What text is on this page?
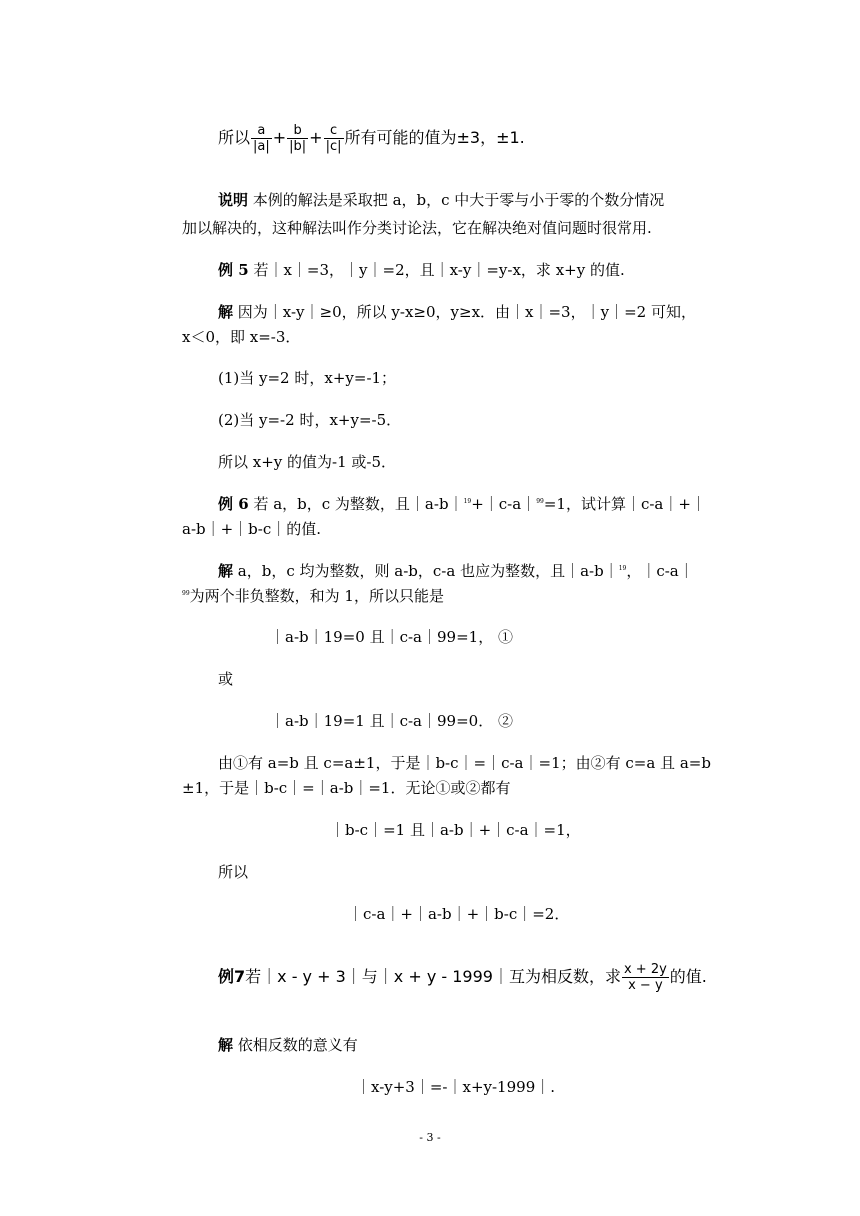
所以 $\frac{a}{|a|} + \frac{b}{|b|} + \frac{c}{|c|}$ 所有可能的值为±3，±1.
说明 本例的解法是采取把 a，b，c 中大于零与小于零的个数分情况
加以解决的，这种解法叫作分类讨论法，它在解决绝对值问题时很常用.
例 5 若｜x｜=3，｜y｜=2，且｜x-y｜=y-x，求 x+y 的值.
解 因为｜x-y｜≥0，所以 y-x≥0，y≥x．由｜x｜=3，｜y｜=2 可知，
x＜0，即 x=-3．
(1)当 y=2 时，x+y=-1；
(2)当 y=-2 时，x+y=-5．
所以 x+y 的值为-1 或-5．
例 6 若 a，b，c 为整数，且｜a-b｜$^{19}$+｜c-a｜$^{99}$=1，试计算｜c-a｜+｜
a-b｜+｜b-c｜的值.
解 a，b，c 均为整数，则 a-b，c-a 也应为整数，且｜a-b｜$^{19}$，｜c-a｜
$^{99}$为两个非负整数，和为 1，所以只能是
｜a-b｜19=0 且｜c-a｜99=1， ①
或
｜a-b｜19=1 且｜c-a｜99=0． ②
由①有 a=b 且 c=a±1，于是｜b-c｜=｜c-a｜=1；由②有 c=a 且 a=b
±1，于是｜b-c｜=｜a-b｜=1．无论①或②都有
｜b-c｜=1 且｜a-b｜+｜c-a｜=1，
所以
｜c-a｜+｜a-b｜+｜b-c｜=2．
例7若｜x - y + 3｜与｜x + y - 1999｜互为相反数，求 $\frac{x + 2y}{x - y}$ 的值.
解 依相反数的意义有
｜x-y+3｜=-｜x+y-1999｜.
- 3 -
